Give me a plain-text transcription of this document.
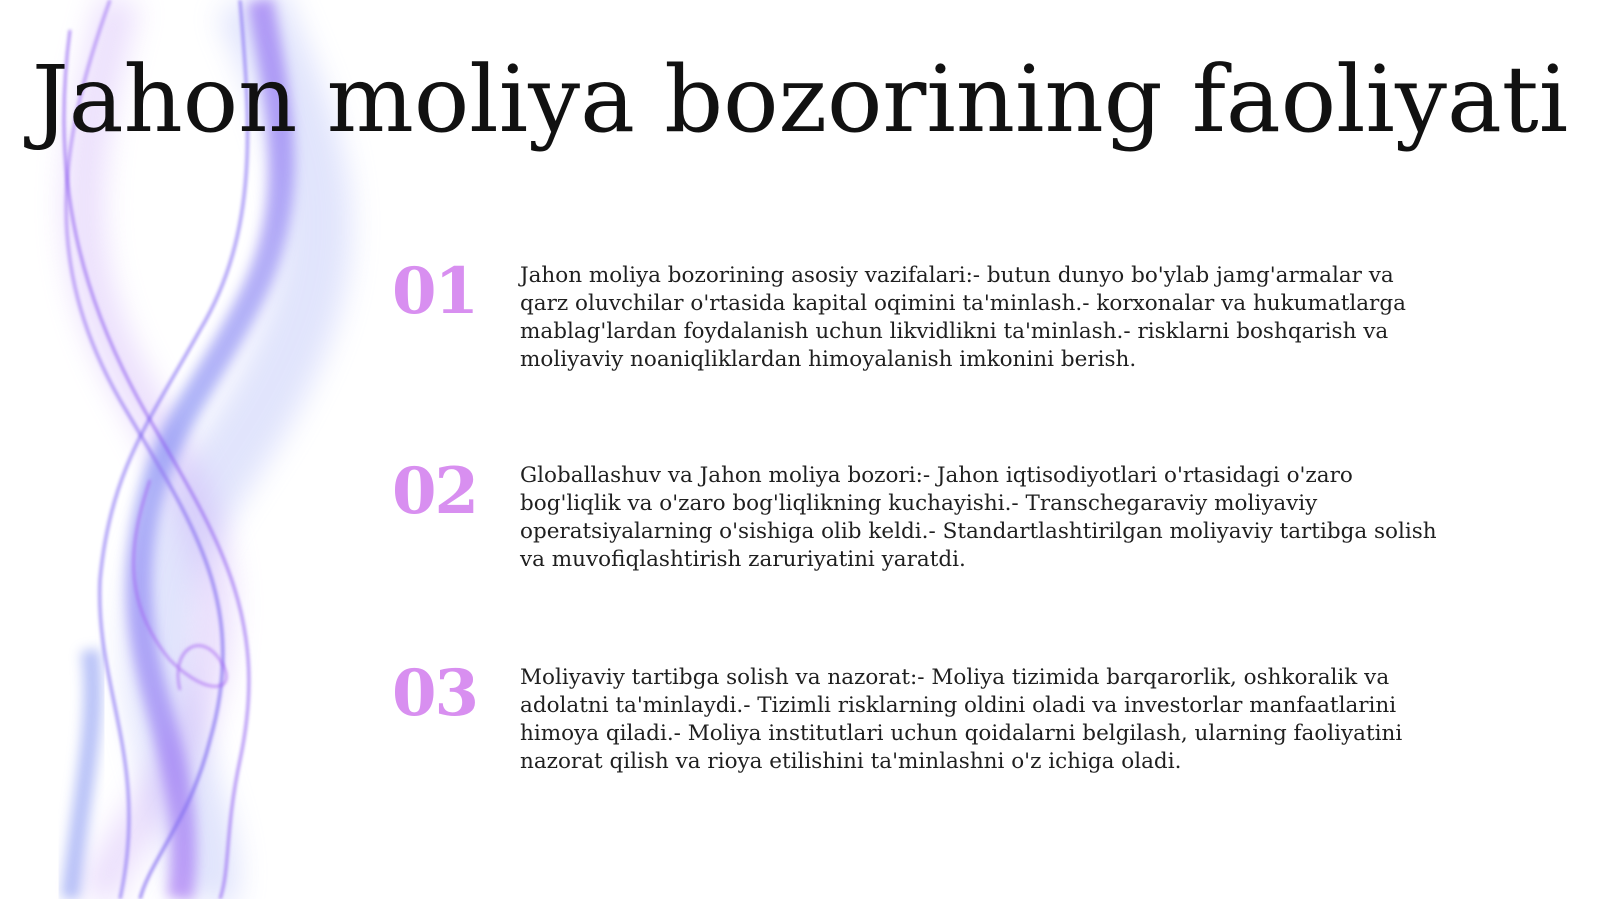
Jahon moliya bozorining faoliyati
01	Jahon moliya bozorining asosiy vazifalari:- butun dunyo bo'ylab jamg'armalar va qarz oluvchilar o'rtasida kapital oqimini ta'minlash.- korxonalar va hukumatlarga mablag'lardan foydalanish uchun likvidlikni ta'minlash.- risklarni boshqarish va moliyaviy noaniqliklardan himoyalanish imkonini berish.

02	Globallashuv va Jahon moliya bozori:- Jahon iqtisodiyotlari o'rtasidagi o'zaro bog'liqlik va o'zaro bog'liqlikning kuchayishi.- Transchegaraviy moliyaviy operatsiyalarning o'sishiga olib keldi.- Standartlashtirilgan moliyaviy tartibga solish va muvofiqlashtirish zaruriyatini yaratdi.

03	Moliyaviy tartibga solish va nazorat:- Moliya tizimida barqarorlik, oshkoralik va adolatni ta'minlaydi.- Tizimli risklarning oldini oladi va investorlar manfaatlarini himoya qiladi.- Moliya institutlari uchun qoidalarni belgilash, ularning faoliyatini nazorat qilish va rioya etilishini ta'minlashni o'z ichiga oladi.
